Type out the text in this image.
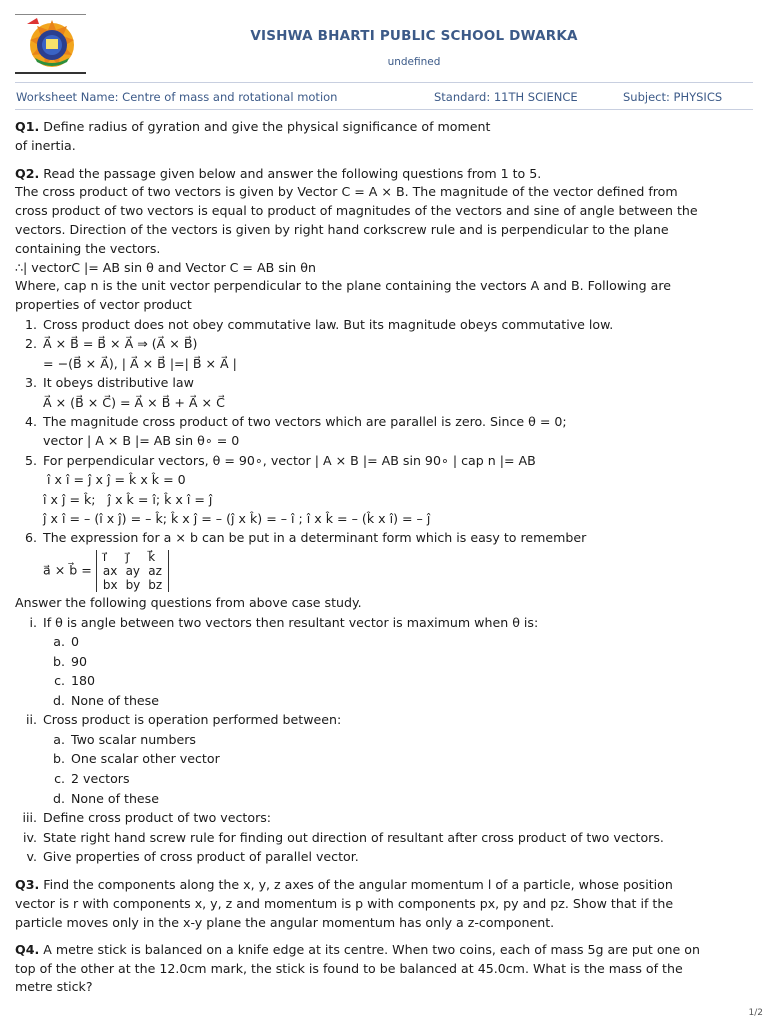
VISHWA BHARTI PUBLIC SCHOOL DWARKA
undefined
Worksheet Name: Centre of mass and rotational motion	Standard: 11TH SCIENCE	Subject: PHYSICS

Q1. Define radius of gyration and give the physical significance of moment

of inertia.

Q2. Read the passage given below and answer the following questions from 1 to 5.

The cross product of two vectors is given by Vector C = A × B. The magnitude of the vector defined from

cross product of two vectors is equal to product of magnitudes of the vectors and sine of angle between the

vectors. Direction of the vectors is given by right hand corkscrew rule and is perpendicular to the plane

containing the vectors.

∴| vectorC |= AB sin θ and Vector C = AB sin θn

Where, cap n is the unit vector perpendicular to the plane containing the vectors A and B. Following are

properties of vector product

1. Cross product does not obey commutative law. But its magnitude obeys commutative low.
2. A⃗ × B⃗ = B⃗ × A⃗ ⇒ (A⃗ × B⃗)
= −(B⃗ × A⃗), | A⃗ × B⃗ |=| B⃗ × A⃗ |
3. It obeys distributive law
A⃗ × (B⃗ × C⃗) = A⃗ × B⃗ + A⃗ × C⃗
4. The magnitude cross product of two vectors which are parallel is zero. Since θ = 0;
vector | A × B |= AB sin θ∘ = 0
5. For perpendicular vectors, θ = 90∘, vector | A × B |= AB sin 90∘ | cap n |= AB
î x î = ĵ x ĵ = k̂ x k̂ = 0
î x ĵ = k̂;   ĵ x k̂ = î; k̂ x î = ĵ
ĵ x î = – (î x ĵ) = – k̂; k̂ x ĵ = – (ĵ x k̂) = – î ; î x k̂ = – (k̂ x î) = – ĵ
6. The expression for a × b can be put in a determinant form which is easy to remember
a⃗ × b⃗ = i⃗	j⃗	k⃗
ax	ay	az
bx	by	bz

Answer the following questions from above case study.

i. If θ is angle between two vectors then resultant vector is maximum when θ is:
a. 0
b. 90
c. 180
d. None of these
ii. Cross product is operation performed between:
a. Two scalar numbers
b. One scalar other vector
c. 2 vectors
d. None of these
iii. Define cross product of two vectors:
iv. State right hand screw rule for finding out direction of resultant after cross product of two vectors.
v. Give properties of cross product of parallel vector.

Q3. Find the components along the x, y, z axes of the angular momentum l of a particle, whose position

vector is r with components x, y, z and momentum is p with components px, py and pz. Show that if the

particle moves only in the x-y plane the angular momentum has only a z-component.

Q4. A metre stick is balanced on a knife edge at its centre. When two coins, each of mass 5g are put one on

top of the other at the 12.0cm mark, the stick is found to be balanced at 45.0cm. What is the mass of the

metre stick?

1/2
